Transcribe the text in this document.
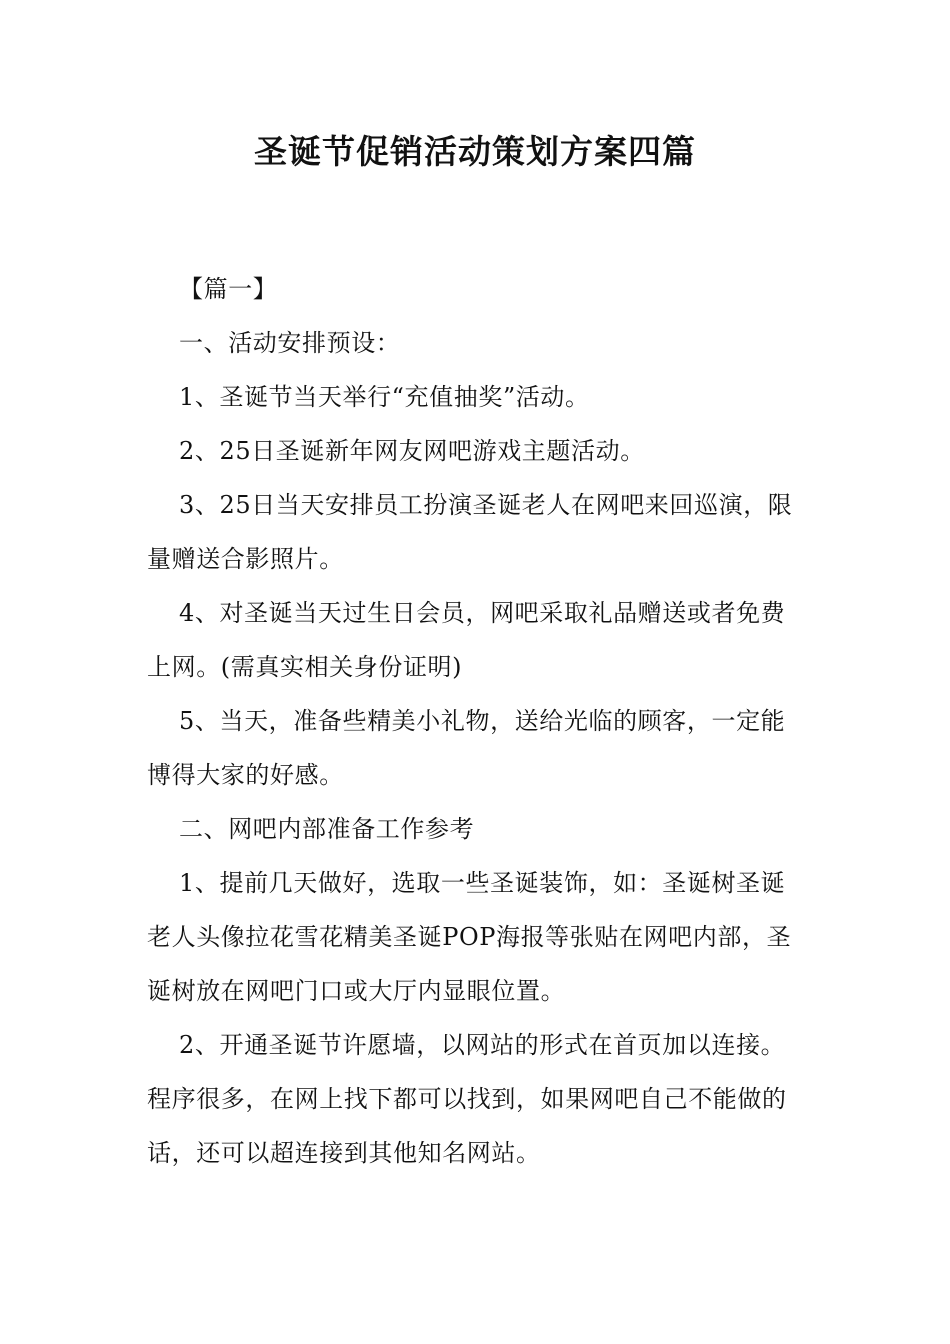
圣诞节促销活动策划方案四篇

【篇一】

一、活动安排预设：

1、圣诞节当天举行“充值抽奖”活动。

2、25日圣诞新年网友网吧游戏主题活动。

3、25日当天安排员工扮演圣诞老人在网吧来回巡演，限量赠送合影照片。

4、对圣诞当天过生日会员，网吧采取礼品赠送或者免费上网。(需真实相关身份证明)

5、当天，准备些精美小礼物，送给光临的顾客，一定能博得大家的好感。

二、网吧内部准备工作参考

1、提前几天做好，选取一些圣诞装饰，如：圣诞树圣诞老人头像拉花雪花精美圣诞POP海报等张贴在网吧内部，圣诞树放在网吧门口或大厅内显眼位置。

2、开通圣诞节许愿墙，以网站的形式在首页加以连接。程序很多，在网上找下都可以找到，如果网吧自己不能做的话，还可以超连接到其他知名网站。
